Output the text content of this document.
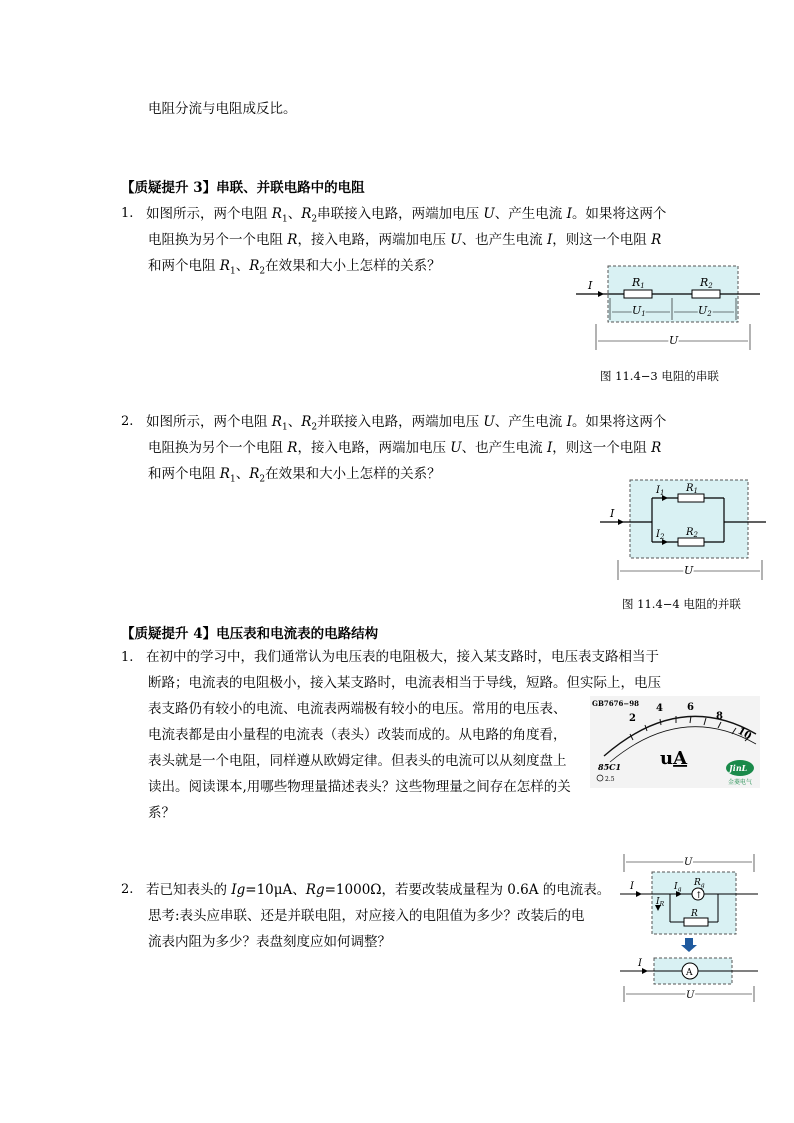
电阻分流与电阻成反比。
【质疑提升 3】串联、并联电路中的电阻
1. 如图所示，两个电阻 $R_1$、$R_2$串联接入电路，两端加电压 U、产生电流 I。如果将这两个
电阻换为另个一个电阻 R，接入电路，两端加电压 U、也产生电流 I，则这一个电阻 R
和两个电阻 $R_1$、$R_2$在效果和大小上怎样的关系？
I	R1	R2
U1	U2
U
图 11.4−3 电阻的串联
2. 如图所示，两个电阻 $R_1$、$R_2$并联接入电路，两端加电压 U、产生电流 I。如果将这两个
电阻换为另个一个电阻 R，接入电路，两端加电压 U、也产生电流 I，则这一个电阻 R
和两个电阻 $R_1$、$R_2$在效果和大小上怎样的关系？
I
$I_1$
$I_2$
$R_1$
$R_2$
U
图 11.4−4 电阻的并联
【质疑提升 4】电压表和电流表的电路结构
1. 在初中的学习中，我们通常认为电压表的电阻极大，接入某支路时，电压表支路相当于
断路；电流表的电阻极小，接入某支路时，电流表相当于导线，短路。但实际上，电压
表支路仍有较小的电流、电流表两端极有较小的电压。常用的电压表、
电流表都是由小量程的电流表（表头）改装而成的。从电路的角度看，
表头就是一个电阻，同样遵从欧姆定律。但表头的电流可以从刻度盘上
读出。阅读课本,用哪些物理量描述表头？这些物理量之间存在怎样的关
系？
GB7676−98
2
4 6
8
10
uA
85C1
2.5
JinL
金菱电气
2. 若已知表头的 Ig=10μA、Rg=1000Ω，若要改装成量程为 0.6A 的电流表。
思考:表头应串联、还是并联电阻，对应接入的电阻值为多少？改装后的电
流表内阻为多少？表盘刻度应如何调整？
U
↑
I	$I_g$
$R_g$
$I_R$
R
A
I
U
